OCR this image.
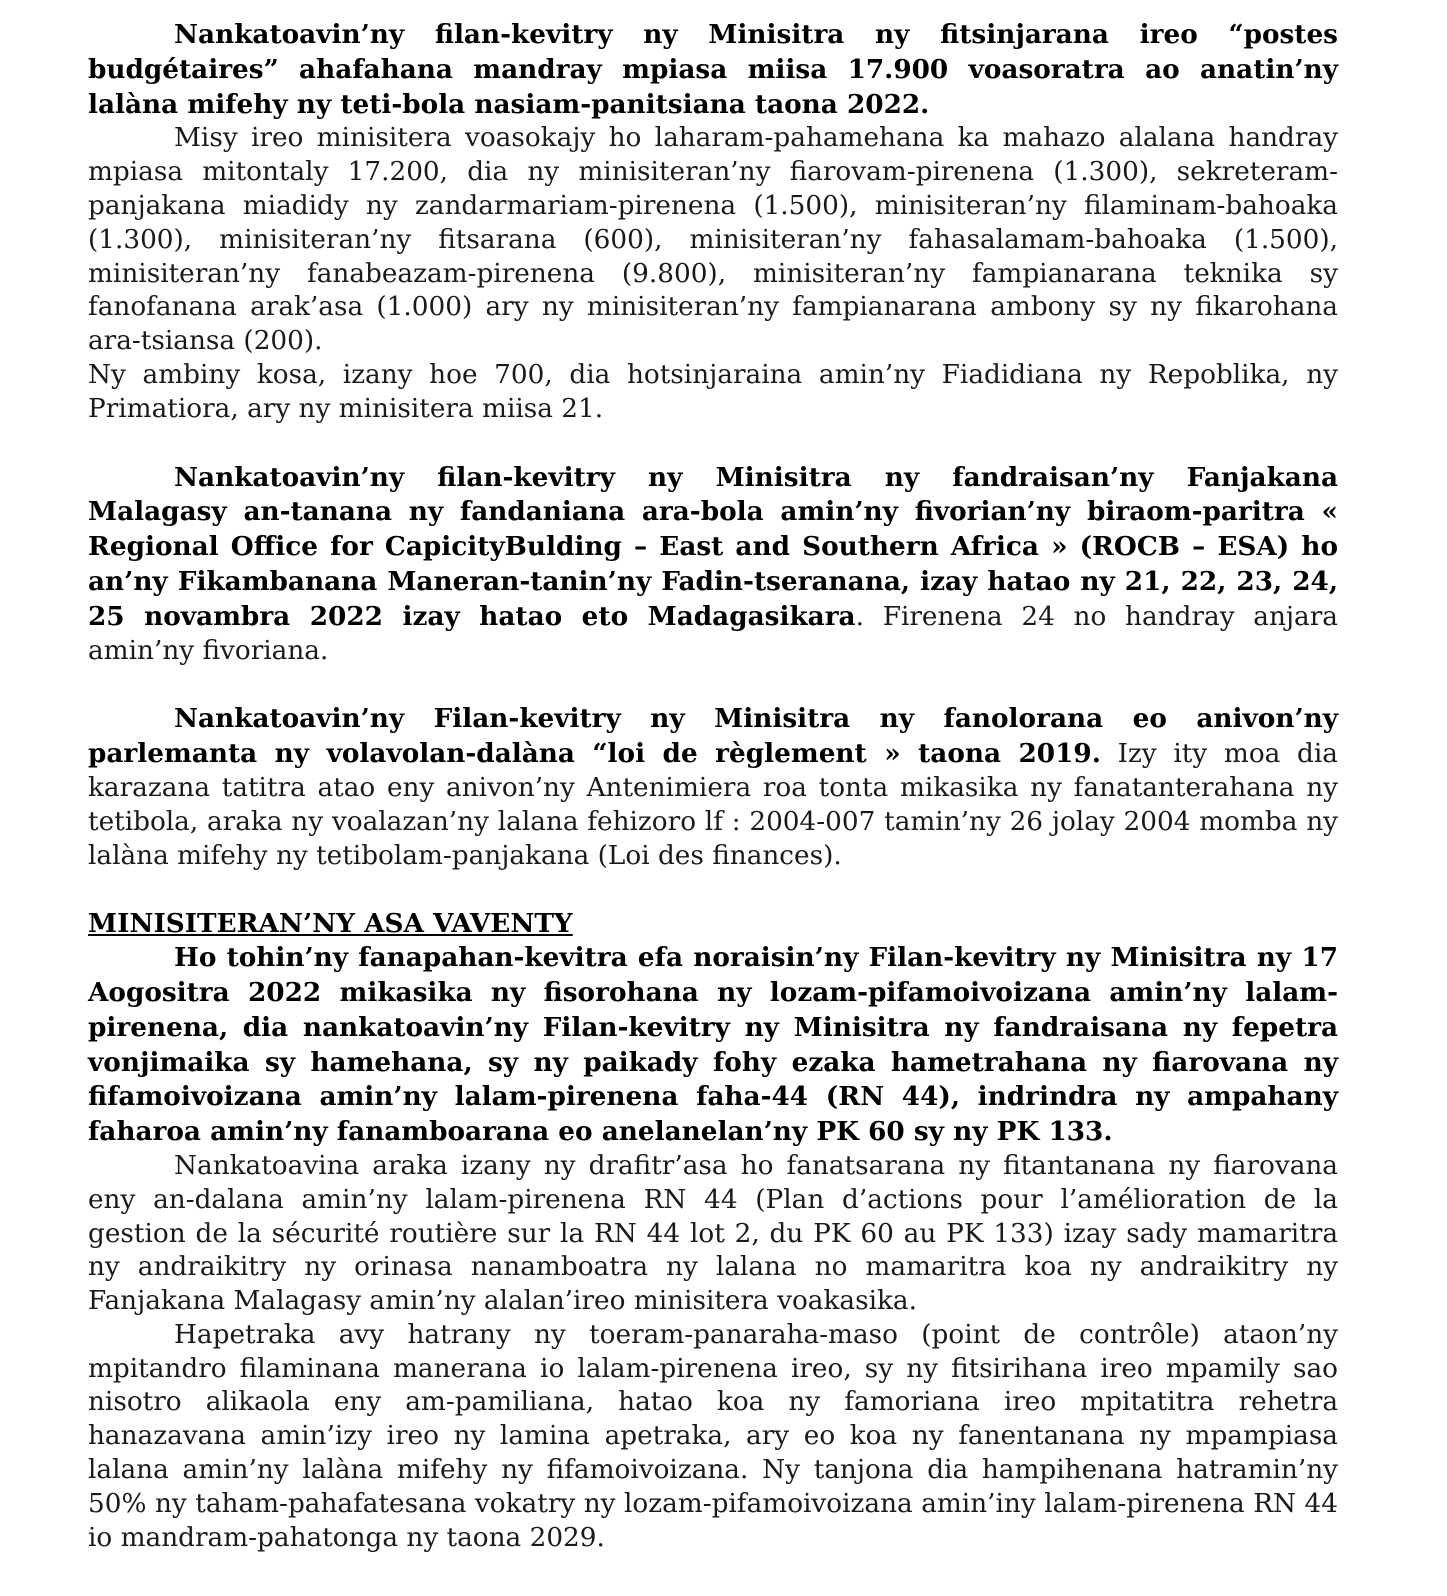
Nankatoavin’ny filan-kevitry ny Minisitra ny fitsinjarana ireo “postes budgétaires” ahafahana mandray mpiasa miisa 17.900 voasoratra ao anatin’ny lalàna mifehy ny teti-bola nasiam-panitsiana taona 2022.

Misy ireo minisitera voasokajy ho laharam-pahamehana ka mahazo alalana handray mpiasa mitontaly 17.200, dia ny minisiteran’ny fiarovam-pirenena (1.300), sekreteram-panjakana miadidy ny zandarmariam-pirenena (1.500), minisiteran’ny filaminam-bahoaka (1.300), minisiteran’ny fitsarana (600), minisiteran’ny fahasalamam-bahoaka (1.500), minisiteran’ny fanabeazam-pirenena (9.800), minisiteran’ny fampianarana teknika sy fanofanana arak’asa (1.000) ary ny minisiteran’ny fampianarana ambony sy ny fikarohana ara-tsiansa (200).

Ny ambiny kosa, izany hoe 700, dia hotsinjaraina amin’ny Fiadidiana ny Repoblika, ny Primatiora, ary ny minisitera miisa 21.

Nankatoavin’ny filan-kevitry ny Minisitra ny fandraisan’ny Fanjakana Malagasy an-tanana ny fandaniana ara-bola amin’ny fivorian’ny biraom-paritra « Regional Office for CapicityBulding – East and Southern Africa » (ROCB – ESA) ho an’ny Fikambanana Maneran-tanin’ny Fadin-tseranana, izay hatao ny 21, 22, 23, 24, 25 novambra 2022 izay hatao eto Madagasikara. Firenena 24 no handray anjara amin’ny fivoriana.

Nankatoavin’ny Filan-kevitry ny Minisitra ny fanolorana eo anivon’ny parlemanta ny volavolan-dalàna “loi de règlement » taona 2019. Izy ity moa dia karazana tatitra atao eny anivon’ny Antenimiera roa tonta mikasika ny fanatanterahana ny tetibola, araka ny voalazan’ny lalana fehizoro lf : 2004-007 tamin’ny 26 jolay 2004 momba ny lalàna mifehy ny tetibolam-panjakana (Loi des finances).

MINISITERAN’NY ASA VAVENTY

Ho tohin’ny fanapahan-kevitra efa noraisin’ny Filan-kevitry ny Minisitra ny 17 Aogositra 2022 mikasika ny fisorohana ny lozam-pifamoivoizana amin’ny lalam-pirenena, dia nankatoavin’ny Filan-kevitry ny Minisitra ny fandraisana ny fepetra vonjimaika sy hamehana, sy ny paikady fohy ezaka hametrahana ny fiarovana ny fifamoivoizana amin’ny lalam-pirenena faha-44 (RN 44), indrindra ny ampahany faharoa amin’ny fanamboarana eo anelanelan’ny PK 60 sy ny PK 133.

Nankatoavina araka izany ny drafitr’asa ho fanatsarana ny fitantanana ny fiarovana eny an-dalana amin’ny lalam-pirenena RN 44 (Plan d’actions pour l’amélioration de la gestion de la sécurité routière sur la RN 44 lot 2, du PK 60 au PK 133) izay sady mamaritra ny andraikitry ny orinasa nanamboatra ny lalana no mamaritra koa ny andraikitry ny Fanjakana Malagasy amin’ny alalan’ireo minisitera voakasika.

Hapetraka avy hatrany ny toeram-panaraha-maso (point de contrôle) ataon’ny mpitandro filaminana manerana io lalam-pirenena ireo, sy ny fitsirihana ireo mpamily sao nisotro alikaola eny am-pamiliana, hatao koa ny famoriana ireo mpitatitra rehetra hanazavana amin’izy ireo ny lamina apetraka, ary eo koa ny fanentanana ny mpampiasa lalana amin’ny lalàna mifehy ny fifamoivoizana. Ny tanjona dia hampihenana hatramin’ny 50% ny taham-pahafatesana vokatry ny lozam-pifamoivoizana amin’iny lalam-pirenena RN 44 io mandram-pahatonga ny taona 2029.
